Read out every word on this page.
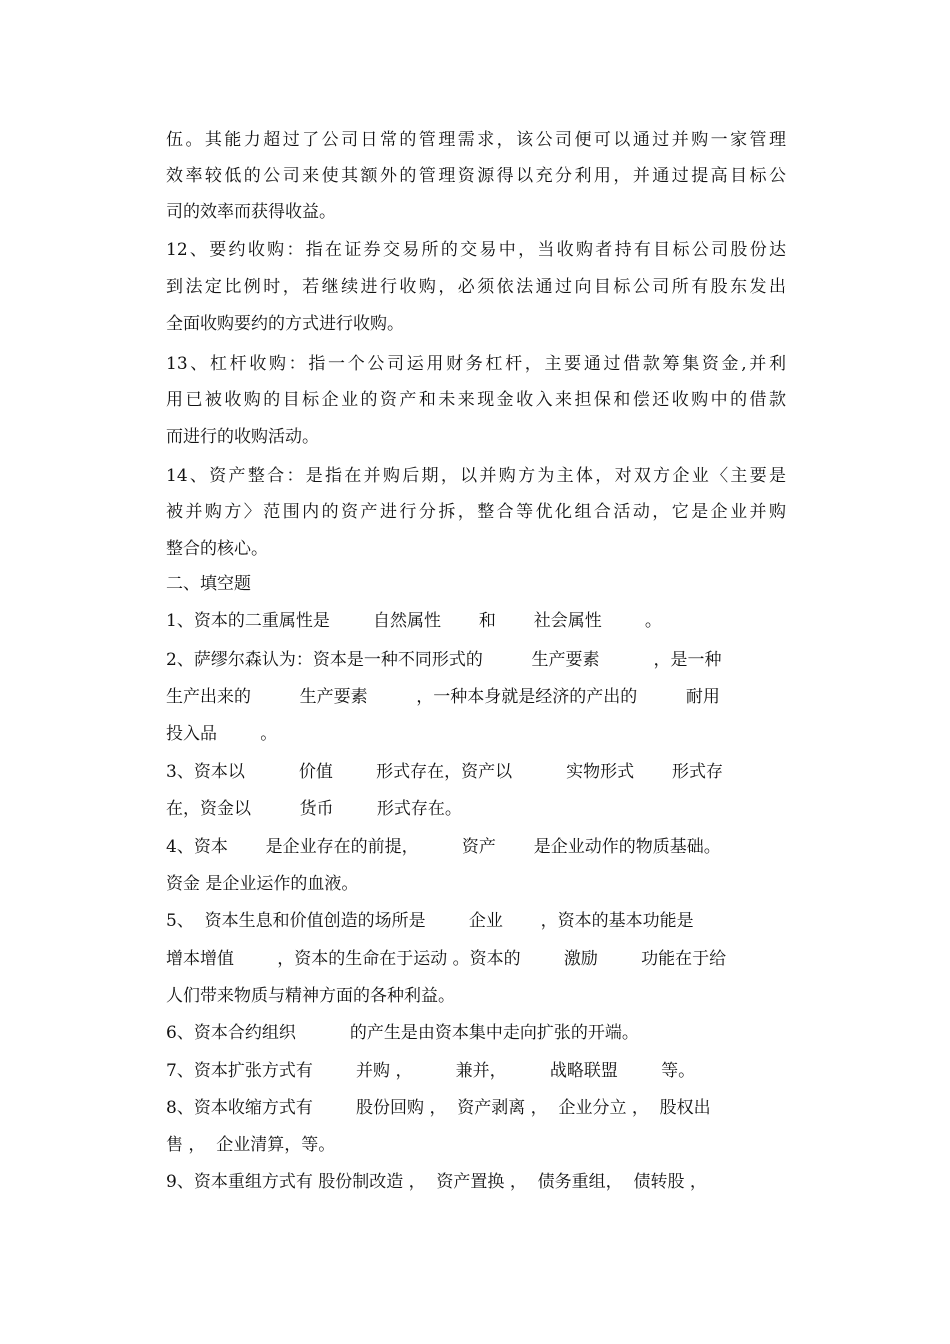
伍。其能力超过了公司日常的管理需求，该公司便可以通过并购一家管理
效率较低的公司来使其额外的管理资源得以充分利用，并通过提高目标公
司的效率而获得收益。
12、要约收购：指在证券交易所的交易中，当收购者持有目标公司股份达
到法定比例时，若继续进行收购，必须依法通过向目标公司所有股东发出
全面收购要约的方式进行收购。
13、杠杆收购：指一个公司运用财务杠杆，主要通过借款筹集资金,并利
用已被收购的目标企业的资产和未来现金收入来担保和偿还收购中的借款
而进行的收购活动。
14、资产整合：是指在并购后期，以并购方为主体，对双方企业〈主要是
被并购方〉范围内的资产进行分拆，整合等优化组合活动，它是企业并购
整合的核心。
二、填空题
1、资本的二重属性是        自然属性       和       社会属性        。
2、萨缪尔森认为：资本是一种不同形式的         生产要素          ，是一种
生产出来的         生产要素         ，一种本身就是经济的产出的         耐用
投入品        。
3、资本以          价值        形式存在，资产以          实物形式       形式存
在，资金以         货币        形式存在。
4、资本       是企业存在的前提，        资产       是企业动作的物质基础。
资金 是企业运作的血液。
5、  资本生息和价值创造的场所是        企业       ，资本的基本功能是
增本增值        ，资本的生命在于运动 。资本的        激励        功能在于给
人们带来物质与精神方面的各种利益。
6、资本合约组织          的产生是由资本集中走向扩张的开端。
7、资本扩张方式有        并购 ，        兼并，        战略联盟        等。
8、资本收缩方式有        股份回购 ，  资产剥离 ，  企业分立 ，  股权出
售 ，  企业清算，等。
9、资本重组方式有 股份制改造 ，  资产置换 ，  债务重组，  债转股 ，
